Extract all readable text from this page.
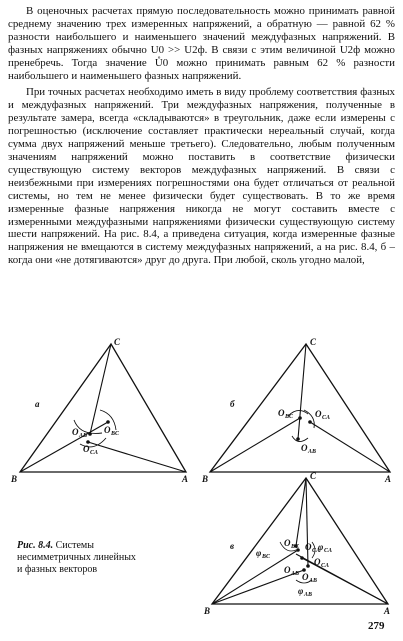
В оценочных расчетах прямую последовательность можно принимать равной среднему значению трех измеренных напряжений, а обратную — равной 62 % разности наибольшего и наименьшего значений междуфазных напряжений. В фазных напряжениях обычно U0 >> U2ф. В связи с этим величиной U2ф можно пренебречь. Тогда значение Ů0 можно принимать равным 62 % разности наибольшего и наименьшего фазных напряжений.

При точных расчетах необходимо иметь в виду проблему соответствия фазных и междуфазных напряжений. Три междуфазных напряжения, полученные в результате замера, всегда «складываются» в треугольник, даже если измерены с погрешностью (исключение составляет практически нереальный случай, когда сумма двух напряжений меньше третьего). Следовательно, любым полученным значениям напряжений можно поставить в соответствие физически существующую систему векторов междуфазных напряжений. В связи с неизбежными при измерениях погрешностями она будет отличаться от реальной системы, но тем не менее физически будет существовать. В то же время измеренные фазные напряжения никогда не могут составить вместе с измеренными междуфазными напряжениями физически существующую систему шести напряжений. На рис. 8.4, а приведена ситуация, когда измеренные фазные напряжения не вмещаются в систему междуфазных напряжений, а на рис. 8.4, б – когда они «не дотягиваются» друг до друга. При любой, сколь угодно малой,

C
B	A
а
O AB
O BC
O CA
C
B	A
б
O BC O CA
O AB
C
B	A
в
φ BC
O BC O CA
φ CA
O CA
O AB O AB
φ AB
Рис. 8.4. Системы несимметричных линейных и фазных векторов
279
